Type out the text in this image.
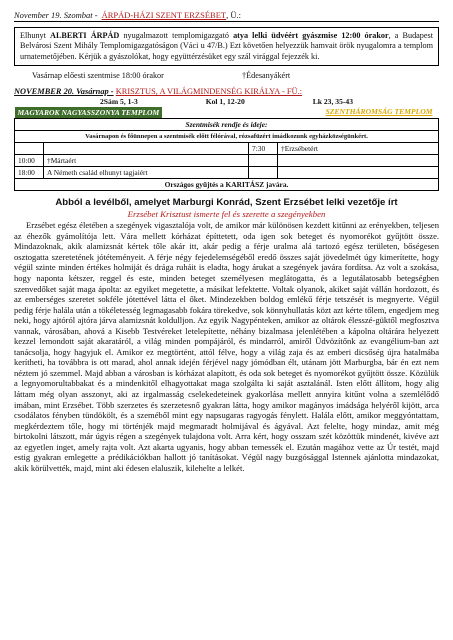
November 19. Szombat - ÁRPÁD-HÁZI SZENT ERZSÉBET , Ü.:
Elhunyt ALBERTI ÁRPÁD nyugalmazott templomigazgató atya lelki üdvéért gyászmise 12:00 órakor, a Budapest Belvárosi Szent Mihály Templomigazgatóságon (Váci u 47/B.) Ezt követően helyezzük hamvait örök nyugalomra a templom urnatemetőjében. Kérjük a gyászolókat, hogy együttérzésüket egy szál virággal fejezzék ki.
Vasárnap előesti szentmise 18:00 órakor	†Édesanyákért
NOVEMBER 20. Vasárnap - KRISZTUS, A VILÁGMINDENSÉG KIRÁLYA - FÜ.:
2Sám 5, 1-3	Kol 1, 12-20	Lk 23, 35-43
MAGYAROK NAGYASSZONYA TEMPLOM SZENTHÁROMSÁG TEMPLOM			

Szentmisék rendje és ideje:			
Vasárnapon és főünnepen a szentmisék előtt félórával, rózsafüzért imádkozunk egyházközségünkért.			
		7:30	†Erzsébetért
10:00	†Mártaért		
18:00	A Németh család elhunyt tagjaiért		
Országos gyűjtés a KARITÁSZ javára.			
Abból a levélből, amelyet Marburgi Konrád, Szent Erzsébet lelki vezetője írt
Erzsébet Krisztust ismerte fel és szerette a szegényekben
Erzsébet egész életében a szegények vigasztalója volt, de amikor már különösen kezdett kitűnni az erényekben, teljesen az éhezők gyámolítója lett. Vára mellett kórházat építtetett, oda igen sok beteget és nyomorékot gyűjtött össze. Mindazoknak, akik alamizsnát kértek tőle akár itt, akár pedig a férje uralma alá tartozó egész területen, bőségesen osztogatta szeretetének jótéteményeit. A férje négy fejedelemségéből eredő összes saját jövedelmét úgy kimerítette, hogy végül szinte minden értékes holmiját és drága ruháit is eladta, hogy árukat a szegények javára fordítsa. Az volt a szokása, hogy naponta kétszer, reggel és este, minden beteget személyesen meglátogatta, és a legutálatosabb betegségben szenvedőket saját maga ápolta: az egyiket megetette, a másikat lefektette. Voltak olyanok, akiket saját vállán hordozott, és az emberséges szeretet sokféle jótettével látta el őket. Mindezekben boldog emlékű férje tetszését is megnyerte. Végül pedig férje halála után a tökéletesség legmagasabb fokára törekedve, sok könnyhullatás közt azt kérte tőlem, engedjem meg neki, hogy ajtóról ajtóra járva alamizsnát koldulljon. Az egyik Nagypénteken, amikor az oltárok élesszé-güktől megfosztva vannak, városában, ahová a Kisebb Testvéreket letelepítette, néhány bizalmasa jelenlétében a kápolna oltárára helyezett kezzel lemondott saját akaratáról, a világ minden pompájáról, és mindarról, amiről Üdvözítőnk az evangélium-ban azt tanácsolja, hogy hagyjuk el. Amikor ez megtörtént, attól félve, hogy a világ zaja és az emberi dicsőség újra hatalmába kerítheti, ha továbbra is ott marad, ahol annak idején férjével nagy jómódban élt, utánam jött Marburgba, bár én ezt nem néztem jó szemmel. Majd abban a városban is kórházat alapított, és oda sok beteget és nyomorékot gyűjtött össze. Közülük a legnyomorultabbakat és a mindenkitől elhagyottakat maga szolgálta ki saját asztalánál. Isten előtt állítom, hogy alig láttam még olyan asszonyt, aki az irgalmasság cselekedeteinek gyakorlása mellett annyira kitűnt volna a szemlélődő imában, mint Erzsébet. Több szerzetes és szerzetesnő gyakran látta, hogy amikor magányos imádsága helyéről kijött, arca csodálatos fényben tündökölt, és a szeméből mint egy napsugaras ragyogás fénylett. Halála előtt, amikor meggyóntattam, megkérdeztem tőle, hogy mi történjék majd megmaradt holmijával és ágyával. Azt felelte, hogy mindaz, amit még birtokolni látszott, már úgyis régen a szegények tulajdona volt. Arra kért, hogy osszam szét közöttük mindenét, kivéve azt az egyetlen inget, amely rajta volt. Azt akarta ugyanis, hogy abban temessék el. Ezután magához vette az Úr testét, majd estig gyakran emlegette a prédikációkban hallott jó tanításokat. Végül nagy buzgósággal Istennek ajánlotta mindazokat, akik körülvették, majd, mint aki édesen elaluszik, kilehelte a lelkét.
